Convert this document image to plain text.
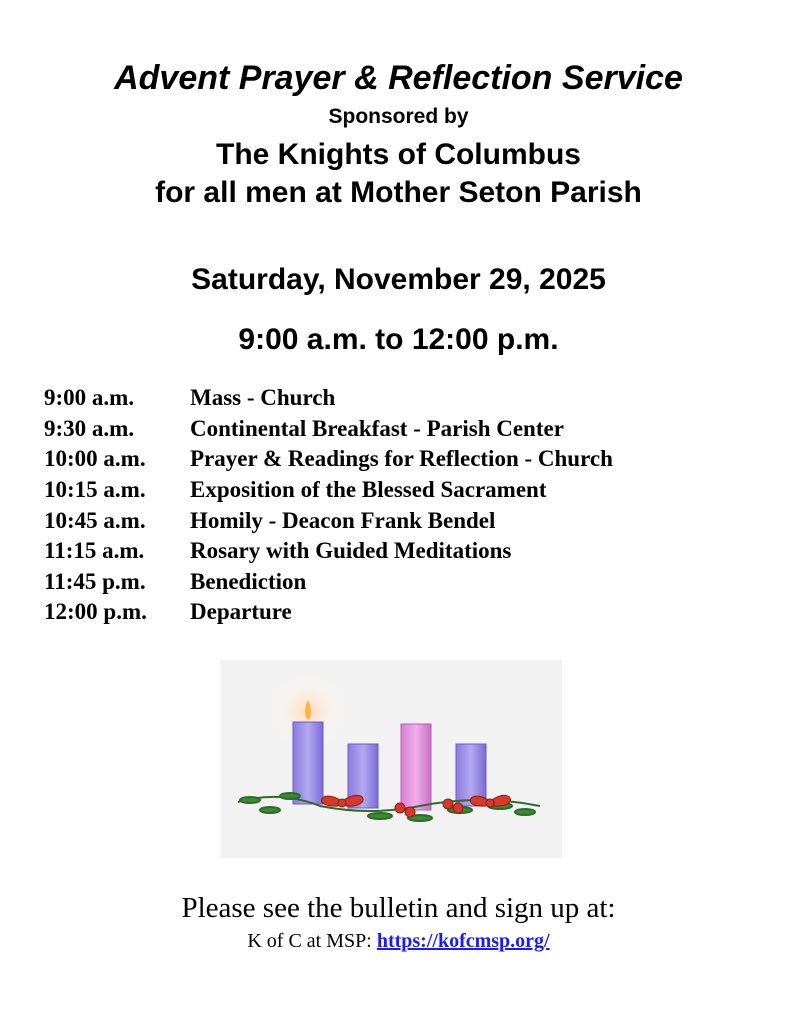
Advent Prayer & Reflection Service
Sponsored by
The Knights of Columbus
for all men at Mother Seton Parish
Saturday, November 29, 2025
9:00 a.m. to 12:00 p.m.
9:00 a.m.	Mass - Church
9:30 a.m.	Continental Breakfast - Parish Center
10:00 a.m.	Prayer & Readings for Reflection - Church
10:15 a.m.	Exposition of the Blessed Sacrament
10:45 a.m.	Homily - Deacon Frank Bendel
11:15 a.m.	Rosary with Guided Meditations
11:45 p.m.	Benediction
12:00 p.m.	Departure
Please see the bulletin and sign up at:
K of C at MSP: https://kofcmsp.org/
